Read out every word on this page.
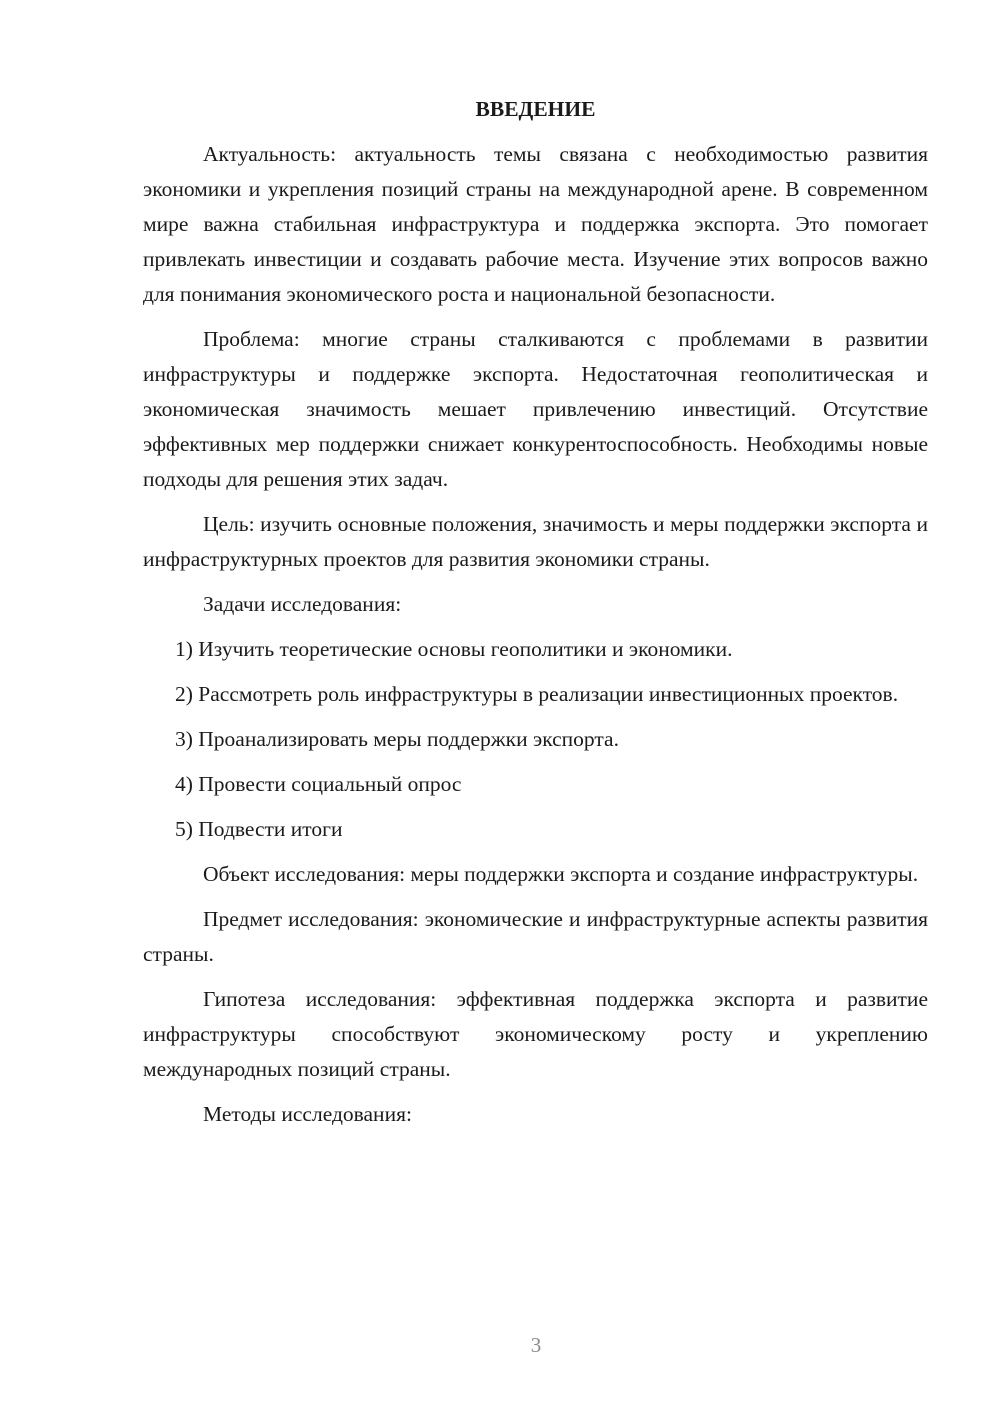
ВВЕДЕНИЕ

Актуальность: актуальность темы связана с необходимостью развития экономики и укрепления позиций страны на международной арене. В современном мире важна стабильная инфраструктура и поддержка экспорта. Это помогает привлекать инвестиции и создавать рабочие места. Изучение этих вопросов важно для понимания экономического роста и национальной безопасности.

Проблема: многие страны сталкиваются с проблемами в развитии инфраструктуры и поддержке экспорта. Недостаточная геополитическая и экономическая значимость мешает привлечению инвестиций. Отсутствие эффективных мер поддержки снижает конкурентоспособность. Необходимы новые подходы для решения этих задач.

Цель: изучить основные положения, значимость и меры поддержки экспорта и инфраструктурных проектов для развития экономики страны.

Задачи исследования:

1) Изучить теоретические основы геополитики и экономики.

2) Рассмотреть роль инфраструктуры в реализации инвестиционных проектов.

3) Проанализировать меры поддержки экспорта.

4) Провести социальный опрос

5) Подвести итоги

Объект исследования: меры поддержки экспорта и создание инфраструктуры.

Предмет исследования: экономические и инфраструктурные аспекты развития страны.

Гипотеза исследования: эффективная поддержка экспорта и развитие инфраструктуры способствуют экономическому росту и укреплению международных позиций страны.

Методы исследования:

3
